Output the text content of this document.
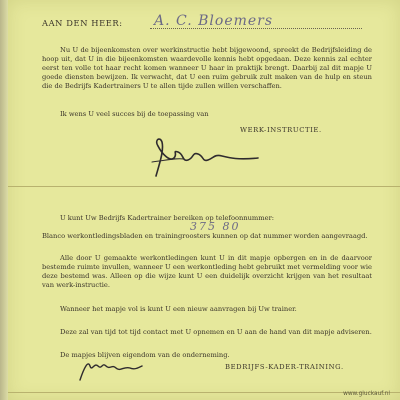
AAN DEN HEER: A. C. Bloemers
Nu U de bijeenkomsten over werkinstructie hebt bijgewoond, spreekt de Bedrijfsleiding de hoop uit, dat U in die bijeenkomsten waardevolle kennis hebt opgedaan. Deze kennis zal echter eerst ten volle tot haar recht komen wanneer U haar in praktijk brengt. Daarbij zal dit mapje U goede diensten bewijzen. Ik verwacht, dat U een ruim gebruik zult maken van de hulp en steun die de Bedrijfs Kadertrainers U te allen tijde zullen willen verschaffen.
Ik wens U veel succes bij de toepassing van
WERK-INSTRUCTIE.
U kunt Uw Bedrijfs Kadertrainer bereiken op telefoonnummer:
375 80
Blanco werkontledingsbladen en trainingroosters kunnen op dat nummer worden aangevraagd.
Alle door U gemaakte werkontledingen kunt U in dit mapje opbergen en in de daarvoor bestemde ruimte invullen, wanneer U een werkontleding hebt gebruikt met vermelding voor wie deze bestemd was. Alleen op die wijze kunt U een duidelijk overzicht krijgen van het resultaat van werk-instructie.
Wanneer het mapje vol is kunt U een nieuw aanvragen bij Uw trainer.
Deze zal van tijd tot tijd contact met U opnemen en U aan de hand van dit mapje adviseren.
De mapjes blijven eigendom van de onderneming.
BEDRIJFS-KADER-TRAINING.
www.gluckauf.nl
